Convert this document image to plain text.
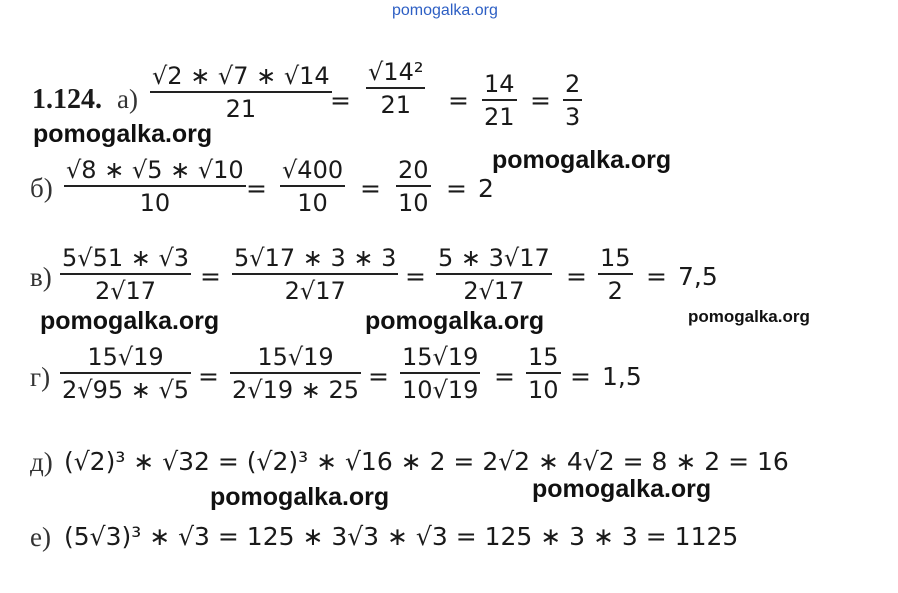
pomogalka.org
pomogalka.org
pomogalka.org
pomogalka.org	pomogalka.org	pomogalka.org
pomogalka.org	pomogalka.org
1.124. а)
√2 ∗ √7 ∗ √14
21	=
√14²
21	=
14
21
=
2
3
б)
√8 ∗ √5 ∗ √10
10	=
√400
10	=
20
10 = 2
в)
5√51 ∗ √3
2√17	=
5√17 ∗ 3 ∗ 3
2√17	=
5 ∗ 3√17
2√17	=
15
2 = 7,5
г)
15√19
2√95 ∗ √5 =
15√19
2√19 ∗ 25 =
15√19
10√19 =
15
10 = 1,5
д) (√2)³ ∗ √32 = (√2)³ ∗ √16 ∗ 2 = 2√2 ∗ 4√2 = 8 ∗ 2 = 16
е) (5√3)³ ∗ √3 = 125 ∗ 3√3 ∗ √3 = 125 ∗ 3 ∗ 3 = 1125
